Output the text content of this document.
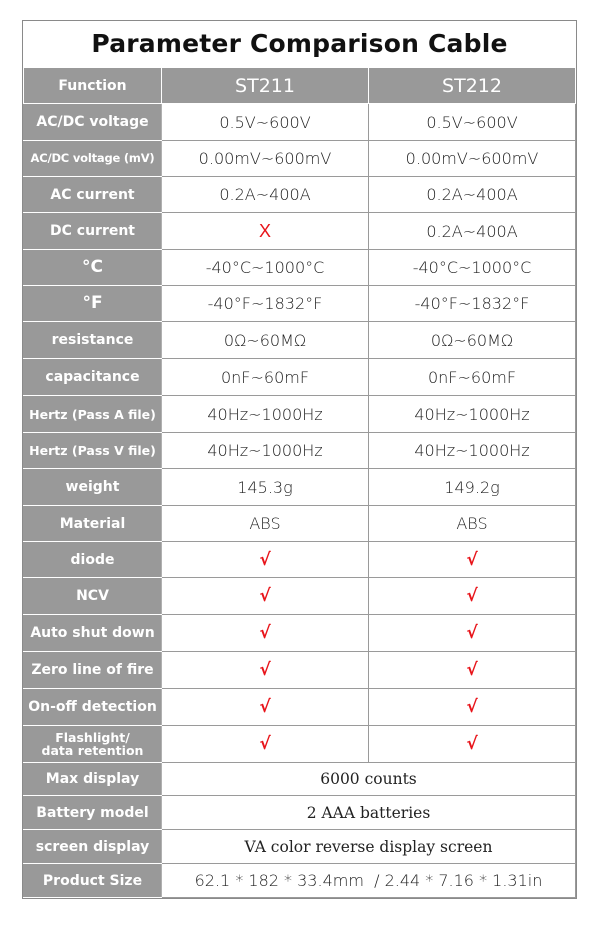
Parameter Comparison Cable
Function	ST211	ST212
AC/DC voltage	0.5V~600V	0.5V~600V
AC/DC voltage (mV)	0.00mV~600mV	0.00mV~600mV
AC current	0.2A~400A	0.2A~400A
DC current	X	0.2A~400A
°C	-40°C~1000°C	-40°C~1000°C
°F	-40°F~1832°F	-40°F~1832°F
resistance	0Ω~60MΩ	0Ω~60MΩ
capacitance	0nF~60mF	0nF~60mF
Hertz (Pass A file)	40Hz~1000Hz	40Hz~1000Hz
Hertz (Pass V file)	40Hz~1000Hz	40Hz~1000Hz
weight	145.3g	149.2g
Material	ABS	ABS
diode	√	√
NCV	√	√
Auto shut down	√	√
Zero line of fire	√	√
On-off detection	√	√
Flashlight/
data retention	√	√
Max display	6000 counts	
Battery model	2 AAA batteries	
screen display	VA color reverse display screen	
Product Size	62.1 * 182 * 33.4mm  / 2.44 * 7.16 * 1.31in	
